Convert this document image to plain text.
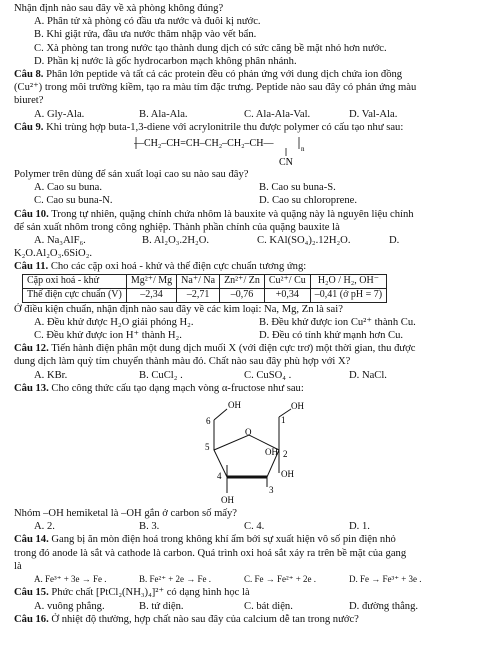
Nhận định nào sau đây về xà phòng không đúng?
A. Phân tử xà phòng có đầu ưa nước và đuôi kị nước.
B. Khi giặt rửa, đầu ưa nước thâm nhập vào vết bẩn.
C. Xà phòng tan trong nước tạo thành dung dịch có sức căng bề mặt nhỏ hơn nước.
D. Phần kị nước là gốc hydrocarbon mạch không phân nhánh.
Câu 8. Phân lớn peptide và tất cả các protein đều có phản ứng với dung dịch chứa ion đồng
(Cu²⁺) trong môi trường kiềm, tạo ra màu tím đặc trưng. Peptide nào sau đây có phản ứng màu
biuret?
A. Gly-Ala.	B. Ala-Ala.	C. Ala-Ala-Val.	D. Val-Ala.
Câu 9. Khi trùng hợp buta-1,3-diene với acrylonitrile thu được polymer có cấu tạo như sau:
—CH₂–CH=CH–CH₂–CH₂–CH—	n
CN
Polymer trên dùng để sản xuất loại cao su nào sau đây?
A. Cao su buna.	B. Cao su buna-S.
C. Cao su buna-N.	D. Cao su chloroprene.
Câu 10. Trong tự nhiên, quặng chính chứa nhôm là bauxite và quặng này là nguyên liệu chính
để sản xuất nhôm trong công nghiệp. Thành phần chính của quặng bauxite là
A. Na₃AlF₆.	B. Al₂O₃.2H₂O.	C. KAl(SO₄)₂.12H₂O.	D.
K₂O.Al₂O₃.6SiO₂.
Câu 11. Cho các cặp oxi hoá - khử và thế điện cực chuẩn tương ứng:
Cặp oxi hoá - khử	Mg²⁺/ Mg	Na⁺/ Na	Zn²⁺/ Zn	Cu²⁺/ Cu	H₂O / H₂, OH⁻
Thế điện cực chuẩn (V)	–2,34	–2,71	–0,76	+0,34	–0,41 (ở pH = 7)
Ở điều kiện chuẩn, nhận định nào sau đây về các kim loại: Na, Mg, Zn là sai?
A. Đều khử được H₂O giải phóng H₂.	B. Đều khử được ion Cu²⁺ thành Cu.
C. Đều khử được ion H⁺ thành H₂.	D. Đều có tính khử mạnh hơn Cu.
Câu 12. Tiến hành điện phân một dung dịch muối X (với điện cực trơ) một thời gian, thu được
dung dịch làm quỳ tím chuyển thành màu đỏ. Chất nào sau đây phù hợp với X?
A. KBr.	B. CuCl₂ .	C. CuSO₄ .	D. NaCl.
Câu 13. Cho công thức cấu tạo dạng mạch vòng α-fructose như sau:
OH
6
5
O
1
OH
OH 2
OH
3
4
OH
Nhóm –OH hemiketal là –OH gắn ở carbon số mấy?
A. 2.	B. 3.	C. 4.	D. 1.
Câu 14. Gang bị ăn mòn điện hoá trong không khí ẩm bởi sự xuất hiện vô số pin điện nhỏ
trong đó anode là sắt và cathode là carbon. Quá trình oxi hoá sắt xảy ra trên bề mặt của gang
là
A. Fe³⁺ + 3e → Fe .	B. Fe²⁺ + 2e → Fe .	C. Fe → Fe²⁺ + 2e .	D. Fe → Fe³⁺ + 3e .
Câu 15. Phức chất [PtCl₂(NH₃)₄]²⁺ có dạng hình học là
A. vuông phẳng.	B. tứ diện.	C. bát diện.	D. đường thẳng.
Câu 16. Ở nhiệt độ thường, hợp chất nào sau đây của calcium dễ tan trong nước?
